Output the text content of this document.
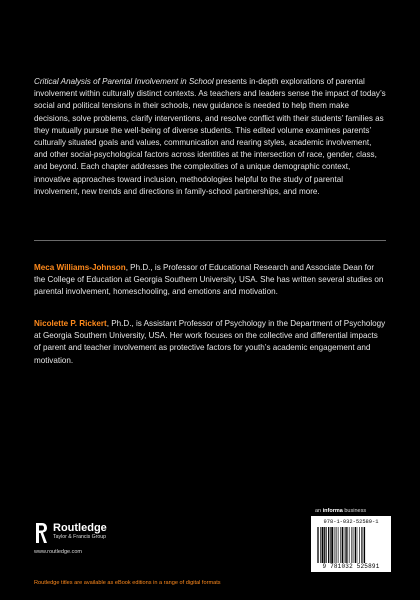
Critical Analysis of Parental Involvement in School presents in-depth explorations of parental involvement within culturally distinct contexts. As teachers and leaders sense the impact of today’s social and political tensions in their schools, new guidance is needed to help them make decisions, solve problems, clarify interventions, and resolve conflict with their students’ families as they mutually pursue the well-being of diverse students. This edited volume examines parents’ culturally situated goals and values, communication and rearing styles, academic involvement, and other social-psychological factors across identities at the intersection of race, gender, class, and beyond. Each chapter addresses the complexities of a unique demographic context, innovative approaches toward inclusion, methodologies helpful to the study of parental involvement, new trends and directions in family-school partnerships, and more.

Meca Williams-Johnson, Ph.D., is Professor of Educational Research and Associate Dean for the College of Education at Georgia Southern University, USA. She has written several studies on parental involvement, homeschooling, and emotions and motivation.

Nicolette P. Rickert, Ph.D., is Assistant Professor of Psychology in the Department of Psychology at Georgia Southern University, USA. Her work focuses on the collective and differential impacts of parent and teacher involvement as protective factors for youth’s academic engagement and motivation.

Routledge
Taylor & Francis Group
www.routledge.com
Routledge titles are available as eBook editions in a range of digital formats
an informa business
978-1-032-52589-1
9 781032 525891
